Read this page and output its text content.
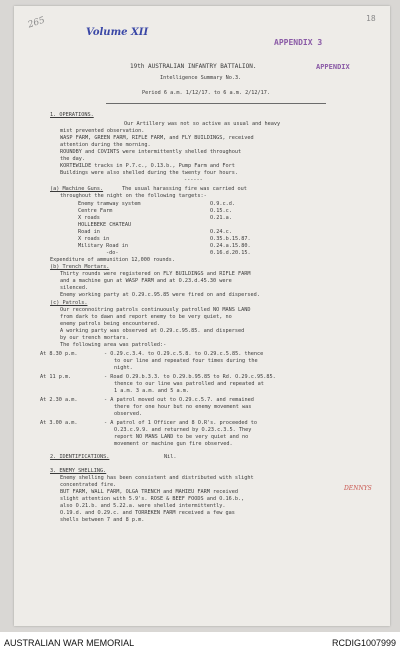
265
Volume XII
18
APPENDIX 3
APPENDIX
19th AUSTRALIAN INFANTRY BATTALION.
Intelligence Summary No.3.
Period 6 a.m. 1/12/17. to 6 a.m. 2/12/17.
1. OPERATIONS.
Our Artillery was not so active as usual and heavy
mist prevented observation.
WASP FARM, GREEN FARM, RIFLE FARM, and FLY BUILDINGS, received
attention during the morning.
ROUNDBY and COVINTS were intermittently shelled throughout
the day.
KORTEWILDE tracks in P.7.c., O.13.b., Pump Farm and Fort
Buildings were also shelled during the twenty four hours.
------
(a) Machine Guns.	The usual harassing fire was carried out
throughout the night on the following targets:-
Enemy tramway system	O.9.c.d.
Centre Farm	O.15.c.
X roads	O.21.a.
HOLLEBEKE CHATEAU
Road in	O.24.c.
X roads in	O.35.b.15.87.
Military Road in	O.24.a.15.80.
-do-	0.16.d.20.15.
Expenditure of ammunition 12,000 rounds.
(b) Trench Mortars.
Thirty rounds were registered on FLY BUILDINGS and RIFLE FARM
and a machine gun at WASP FARM and at O.23.d.45.30 were
silenced.
Enemy working party at O.29.c.95.85 were fired on and dispersed.
(c) Patrols.
Our reconnoitring patrols continuously patrolled NO MANS LAND
from dark to dawn and report enemy to be very quiet, no
enemy patrols being encountered.
A working party was observed at O.29.c.95.85. and dispersed
by our trench mortars.
The following area was patrolled:-
At 8.30 p.m.	- O.29.c.3.4. to O.29.c.5.8. to O.29.c.5.85. thence
to our line and repeated four times during the
night.
At 11 p.m.	- Road O.29.b.3.3. to O.29.b.95.85 to Rd. O.29.c.95.85.
thence to our line was patrolled and repeated at
1 a.m. 3 a.m. and 5 a.m.
At 2.30 a.m.	- A patrol moved out to O.29.c.5.7. and remained
there for one hour but no enemy movement was
observed.
At 3.00 a.m.	- A patrol of 1 Officer and 8 O.R's. proceeded to
O.23.c.9.9. and returned by O.23.c.3.5. They
report NO MANS LAND to be very quiet and no
movement or machine gun fire observed.
2. IDENTIFICATIONS.	Nil.
3. ENEMY SHELLING.
Enemy shelling has been consistent and distributed with slight
concentrated fire.
BUT FARM, WALL FARM, OLGA TRENCH and MAHIEU FARM received
slight attention with 5.9's. ROSE & BEEF FOODS and O.16.b.,
also O.21.b. and 5.22.a. were shelled intermittently.
O.19.d. and O.29.c. and TORREKEN FARM received a few gas
shells between 7 and 8 p.m.
DENNYS
AUSTRALIAN WAR MEMORIAL	RCDIG1007999
